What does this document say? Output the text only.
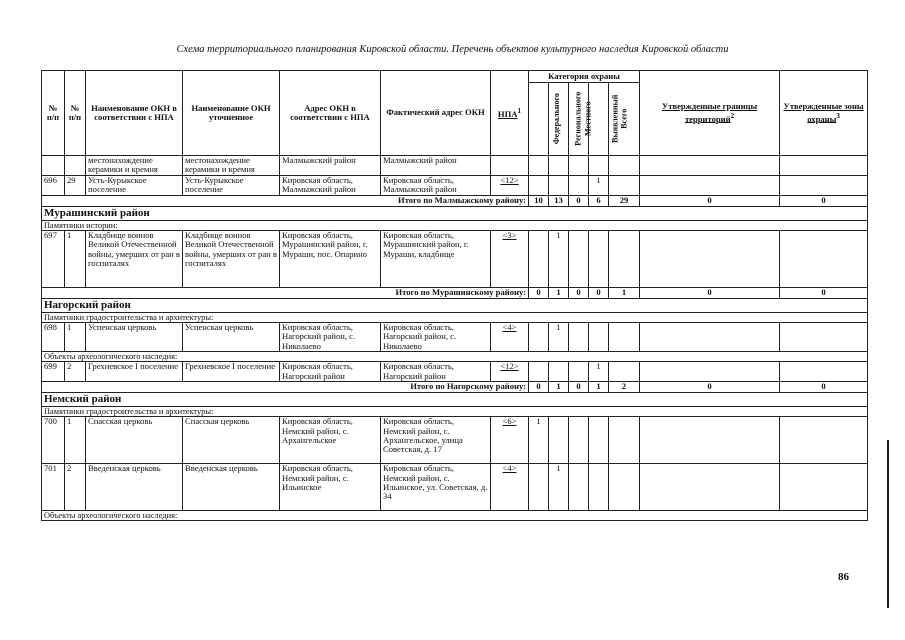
Схема территориального планирования Кировской области. Перечень объектов культурного наследия Кировской области
№ п/п	№ п/п	Наименование ОКН в соответствии с НПА	Наименование ОКН уточненное	Адрес ОКН в соответствии с НПА	Фактический адрес ОКН	НПА$^1$	Категория охраны					Утвержденные границы территорий$^2$	Утвержденные зоны охраны$^3$
							Федерального	Регионального	Местного	Выявленный	Всего		
		местонахождение керамики и кремня	местонахождение керамики и кремня	Малмыжский район	Малмыжский район								
696	29	Усть-Курыкское поселение	Усть-Курыкское поселение	Кировская область, Малмыжский район	Кировская область, Малмыжский район	<12>				1			
Итого по Малмыжскому району:							10	13	0	6	29	0	0
Мурашинский район													
Памятники истории:													
697	1	Кладбище воинов Великой Отечественной войны, умерших от ран в госпиталях	Кладбище воинов Великой Отечественной войны, умерших от ран в госпиталях	Кировская область, Мурашинский район, г. Мураши, пос. Опарино	Кировская область, Мурашинский район, г. Мураши, кладбище	<3>		1					
Итого по Мурашинскому району:							0	1	0	0	1	0	0
Нагорский район													
Памятники градостроительства и архитектуры:													
698	1	Успенская церковь	Успенская церковь	Кировская область, Нагорский район, с. Николаево	Кировская область, Нагорский район, с. Николаево	<4>		1					
Объекты археологического наследия:													
699	2	Грехневское I поселение	Грехневское I поселение	Кировская область, Нагорский район	Кировская область, Нагорский район	<12>				1			
Итого по Нагорскому району:							0	1	0	1	2	0	0
Немский район													
Памятники градостроительства и архитектуры:													
700	1	Спасская церковь	Спасская церковь	Кировская область, Немский район, с. Архангельское	Кировская область, Немский район, с. Архангельское, улица Советская, д. 17	<6>	1						
701	2	Введенская церковь	Введенская церковь	Кировская область, Немский район, с. Ильинское	Кировская область, Немский район, с. Ильинское, ул. Советская, д. 34	<4>		1					
Объекты археологического наследия:													
86
